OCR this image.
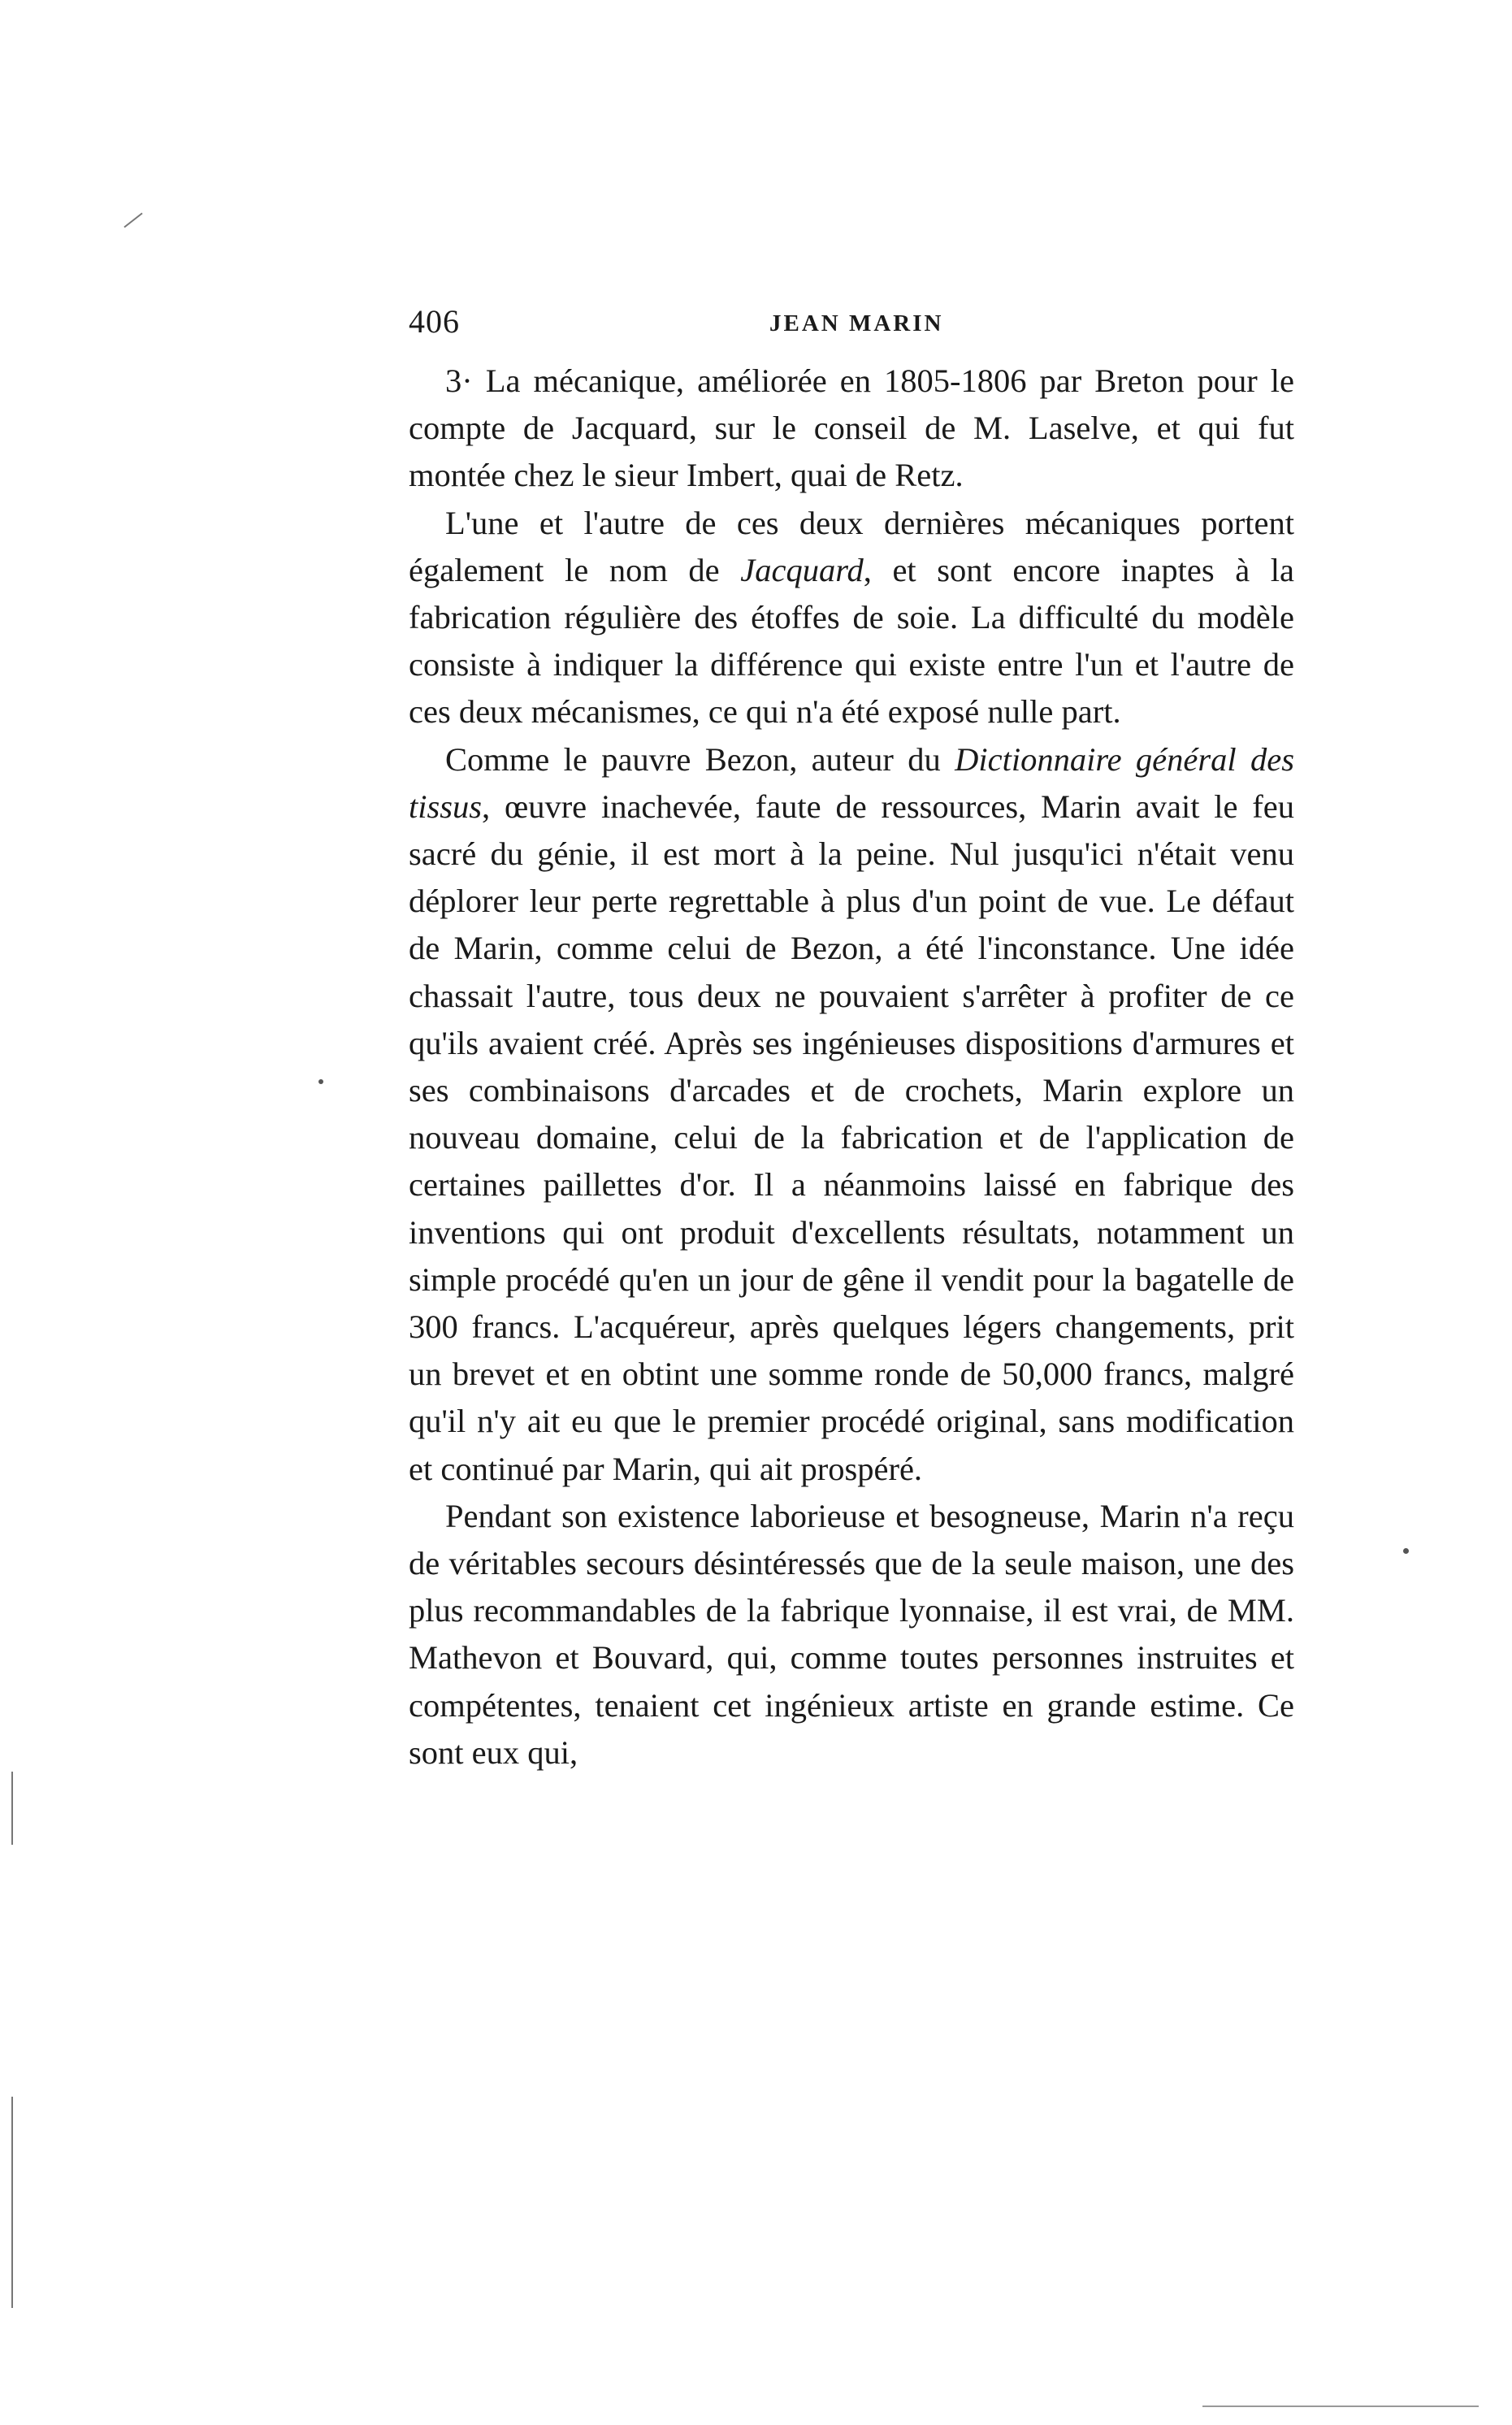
406	JEAN MARIN

3· La mécanique, améliorée en 1805-1806 par Breton pour le compte de Jacquard, sur le conseil de M. Laselve, et qui fut montée chez le sieur Imbert, quai de Retz.

L'une et l'autre de ces deux dernières mécaniques portent également le nom de Jacquard, et sont encore inaptes à la fabrication régulière des étoffes de soie. La difficulté du modèle consiste à indiquer la différence qui existe entre l'un et l'autre de ces deux mécanismes, ce qui n'a été exposé nulle part.

Comme le pauvre Bezon, auteur du Dictionnaire général des tissus, œuvre inachevée, faute de ressources, Marin avait le feu sacré du génie, il est mort à la peine. Nul jusqu'ici n'était venu déplorer leur perte regrettable à plus d'un point de vue. Le défaut de Marin, comme celui de Bezon, a été l'inconstance. Une idée chassait l'autre, tous deux ne pouvaient s'arrêter à profiter de ce qu'ils avaient créé. Après ses ingénieuses dispositions d'armures et ses combinaisons d'arcades et de crochets, Marin explore un nouveau domaine, celui de la fabrication et de l'application de certaines paillettes d'or. Il a néanmoins laissé en fabrique des inventions qui ont produit d'excellents résultats, notamment un simple procédé qu'en un jour de gêne il vendit pour la bagatelle de 300 francs. L'acquéreur, après quelques légers changements, prit un brevet et en obtint une somme ronde de 50,000 francs, malgré qu'il n'y ait eu que le premier procédé original, sans modification et continué par Marin, qui ait prospéré.

Pendant son existence laborieuse et besogneuse, Marin n'a reçu de véritables secours désintéressés que de la seule maison, une des plus recommandables de la fabrique lyonnaise, il est vrai, de MM. Mathevon et Bouvard, qui, comme toutes personnes instruites et compétentes, tenaient cet ingénieux artiste en grande estime. Ce sont eux qui,
